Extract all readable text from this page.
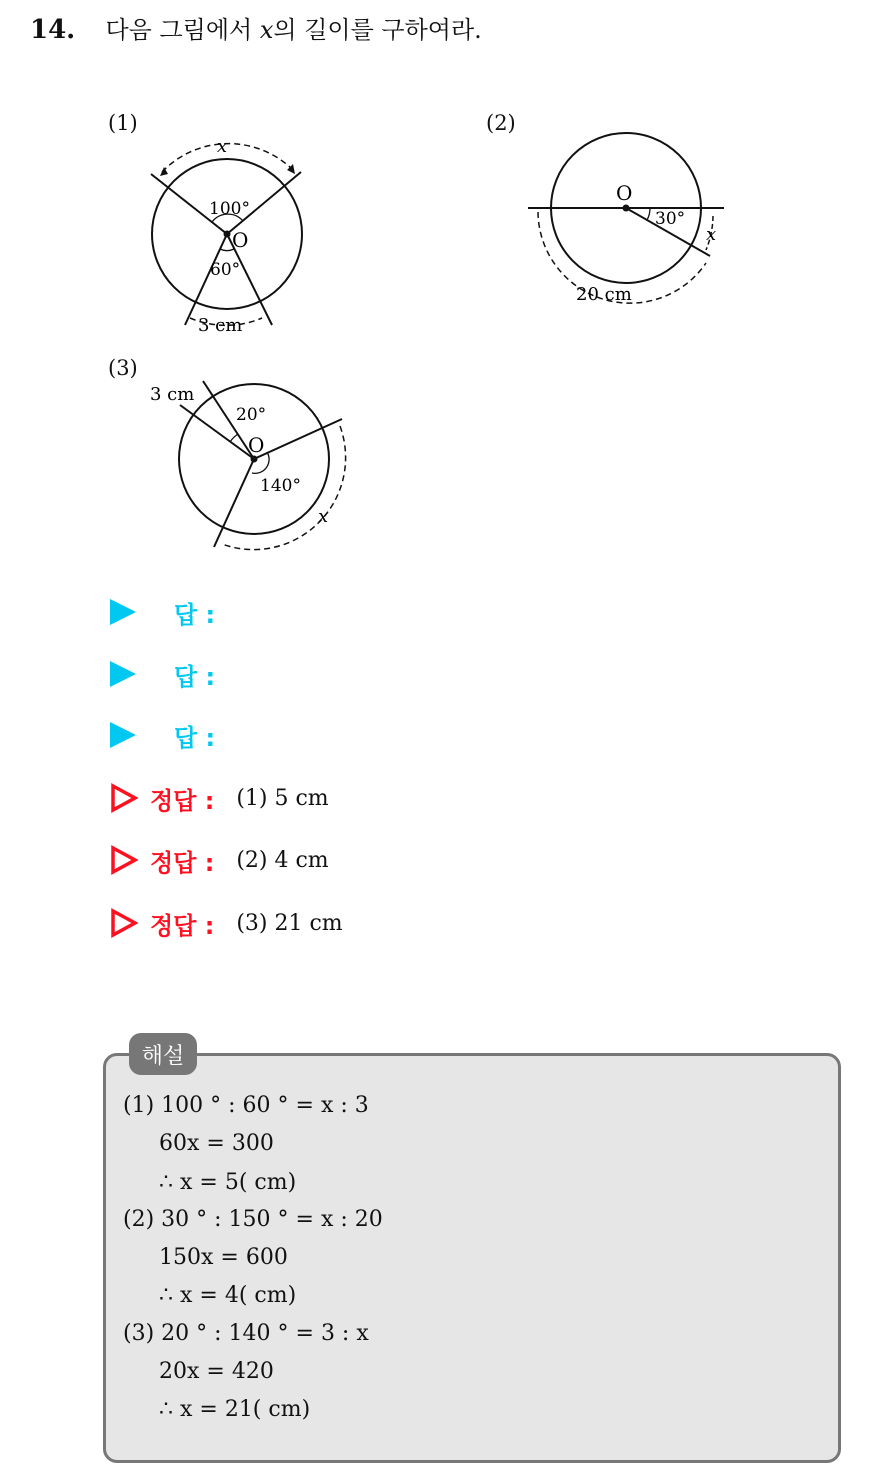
14. 다음 그림에서 x의 길이를 구하여라.
(1)
x
100°
O
60°
3 cm
(2)
O
30°
x
20 cm
(3)
3 cm
20°
O
140°
x
답 :
답 :
답 :
정답 : (1) 5 cm
정답 : (2) 4 cm
정답 : (3) 21 cm
해설
(1) 100 ° : 60 ° = x : 3
60x = 300
∴ x = 5( cm)
(2) 30 ° : 150 ° = x : 20
150x = 600
∴ x = 4( cm)
(3) 20 ° : 140 ° = 3 : x
20x = 420
∴ x = 21( cm)
